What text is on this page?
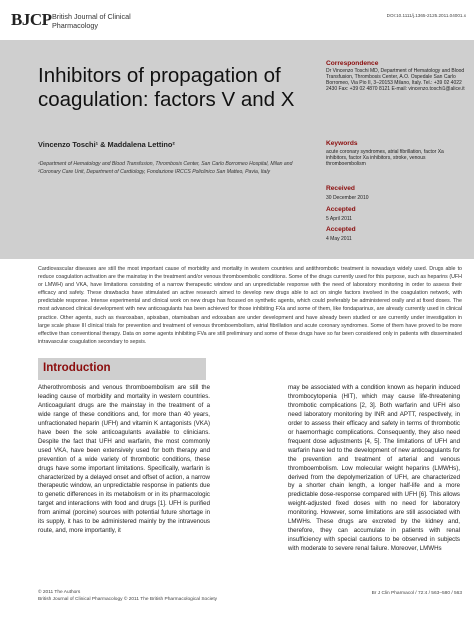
BJCP British Journal of Clinical
Pharmacology
DOI:10.1111/j.1365-2125.2011.04001.x
Inhibitors of propagation of coagulation: factors V and X
Vincenzo Toschi¹ & Maddalena Lettino²
¹Department of Hematology and Blood Transfusion, Thrombosis Center, San Carlo Borromeo Hospital, Milan and ²Coronary Care Unit, Department of Cardiology, Fondazione IRCCS Policlinico San Matteo, Pavia, Italy
Correspondence
Dr Vincenzo Toschi MD, Department of Hematology and Blood Transfusion, Thrombosis Center, A.O. Ospedale San Carlo Borromeo, Via Pio II, 3–20153 Milano, Italy. Tel.: +39 02 4022 2430 Fax: +39 02 4870 8121 E-mail: vincenzo.toschi1@alice.it
Keywords
acute coronary syndromes, atrial fibrillation, factor Xa inhibitors, factor Xa inhibitors, stroke, venous thromboembolism
Received
30 December 2010
Accepted
5 April 2011
Accepted
4 May 2011

Cardiovascular diseases are still the most important cause of morbidity and mortality in western countries and antithrombotic treatment is nowadays widely used. Drugs able to reduce coagulation activation are the mainstay in the treatment and/or venous thromboembolic conditions. Some of the drugs currently used for this purpose, such as heparins (UFH or LMWH) and VKA, have limitations consisting of a narrow therapeutic window and an unpredictable response with the need of laboratory monitoring in order to assess their efficacy and safety. These drawbacks have stimulated an active research aimed to develop new drugs able to act on single factors involved in the coagulation network, with predictable response. Intense experimental and clinical work on new drugs has focused on synthetic agents, which could preferably be administered orally and at fixed doses. The most advanced clinical development with new anticoagulants has been achieved for those inhibiting FXa and some of them, like fondaparinux, are already currently used in clinical practice. Other agents, such as rivaroxaban, apixaban, otamixaban and edoxaban are under development and have already been studied or are currently under investigation in large scale phase III clinical trials for prevention and treatment of venous thromboembolism, atrial fibrillation and acute coronary syndromes. Some of them have proved to be more effective than conventional therapy. Data on some agents inhibiting FVa are still preliminary and some of these drugs have so far been considered only in patients with disseminated intravascular coagulation secondary to sepsis.

Introduction

Atherothrombosis and venous thromboembolism are still the leading cause of morbidity and mortality in western countries. Anticoagulant drugs are the mainstay in the treatment of a wide range of these conditions and, for more than 40 years, unfractionated heparin (UFH) and vitamin K antagonists (VKA) have been the sole anticoagulants available to clinicians. Despite the fact that UFH and warfarin, the most commonly used VKA, have been extensively used for both therapy and prevention of a wide variety of thrombotic conditions, these drugs have some important limitations. Specifically, warfarin is characterized by a delayed onset and offset of action, a narrow therapeutic window, an unpredictable response in patients due to genetic differences in its metabolism or in its pharmacologic target and interactions with food and drugs [1]. UFH is purified from animal (porcine) sources with potential future shortage in its supply, it has to be administered mainly by the intravenous route, and, more importantly, it

may be associated with a condition known as heparin induced thrombocytopenia (HIT), which may cause life-threatening thrombotic complications [2, 3]. Both warfarin and UFH also need laboratory monitoring by INR and APTT, respectively, in order to assess their efficacy and safety in terms of thrombotic or haemorrhagic complications. Consequently, they also need frequent dose adjustments [4, 5]. The limitations of UFH and warfarin have led to the development of new anticoagulants for the prevention and treatment of arterial and venous thromboembolism. Low molecular weight heparins (LMWHs), derived from the depolymerization of UFH, are characterized by a shorter chain length, a longer half-life and a more predictable dose-response compared with UFH [6]. This allows weight-adjusted fixed doses with no need for laboratory monitoring. However, some limitations are still associated with LMWHs. These drugs are excreted by the kidney and, therefore, they can accumulate in patients with renal insufficiency with special cautions to be observed in subjects with moderate to severe renal failure. Moreover, LMWHs

© 2011 The Authors
British Journal of Clinical Pharmacology © 2011 The British Pharmacological Society
Br J Clin Pharmacol / 72:4 / 563–580 / 563
